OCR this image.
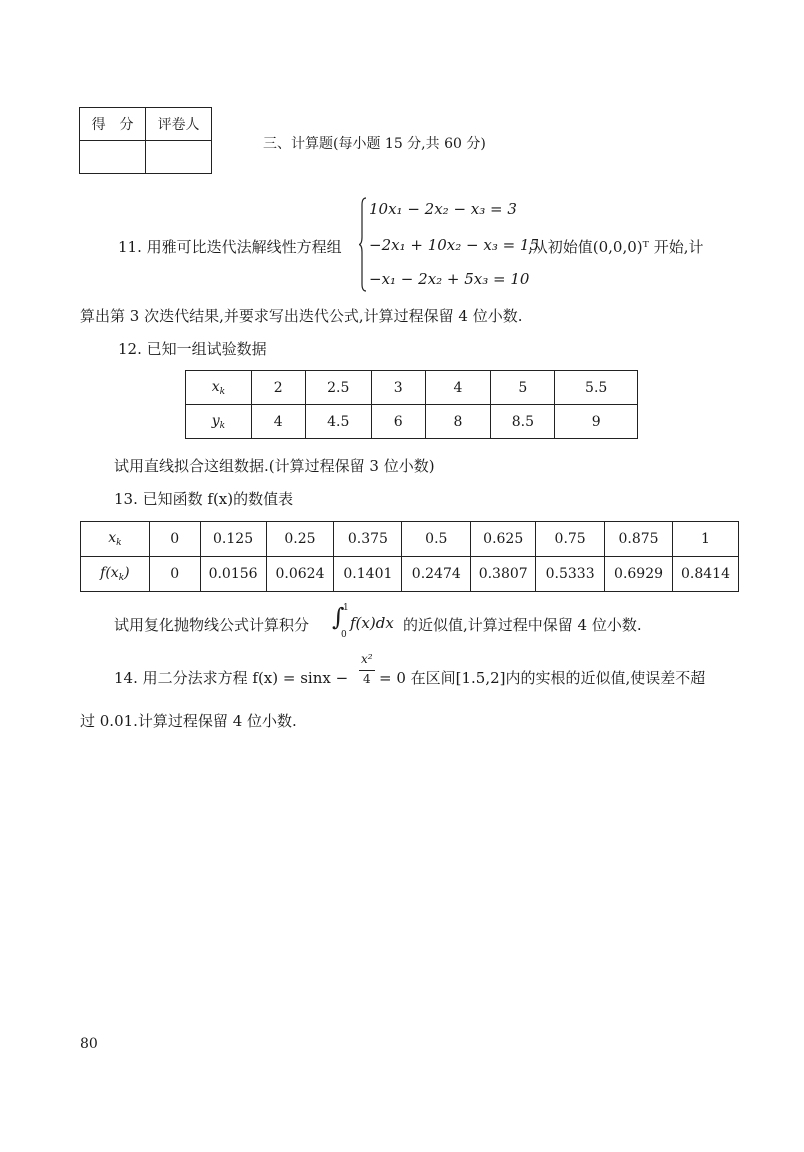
得　分	评卷人

三、计算题(每小题 15 分,共 60 分)
11. 用雅可比迭代法解线性方程组
10x₁ − 2x₂ − x₃ = 3
−2x₁ + 10x₂ − x₃ = 15
−x₁ − 2x₂ + 5x₃ = 10
,从初始值(0,0,0)ᵀ 开始,计
算出第 3 次迭代结果,并要求写出迭代公式,计算过程保留 4 位小数.
12. 已知一组试验数据
$x_k$	2	2.5	3	4	5	5.5
$y_k$	4	4.5	6	8	8.5	9
试用直线拟合这组数据.(计算过程保留 3 位小数)
13. 已知函数 f(x)的数值表
$x_k$	0	0.125	0.25	0.375	0.5	0.625	0.75	0.875	1
$f(x_k)$	0	0.0156	0.0624	0.1401	0.2474	0.3807	0.5333	0.6929	0.8414
试用复化抛物线公式计算积分 ∫
1
0
f(x)dx 的近似值,计算过程中保留 4 位小数.
14. 用二分法求方程 f(x) = sinx −
x²
4 = 0 在区间[1.5,2]内的实根的近似值,使误差不超
过 0.01.计算过程保留 4 位小数.
80
